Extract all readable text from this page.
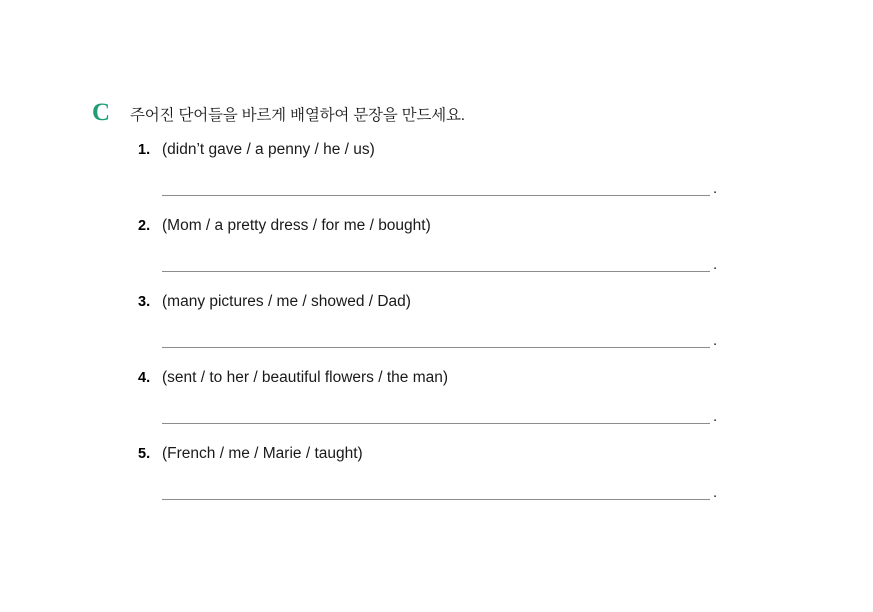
C	주어진 단어들을 바르게 배열하여 문장을 만드세요.
1. (didn’t gave / a penny / he / us)
.
2. (Mom / a pretty dress / for me / bought)
.
3. (many pictures / me / showed / Dad)
.
4. (sent / to her / beautiful flowers / the man)
.
5. (French / me / Marie / taught)
.
